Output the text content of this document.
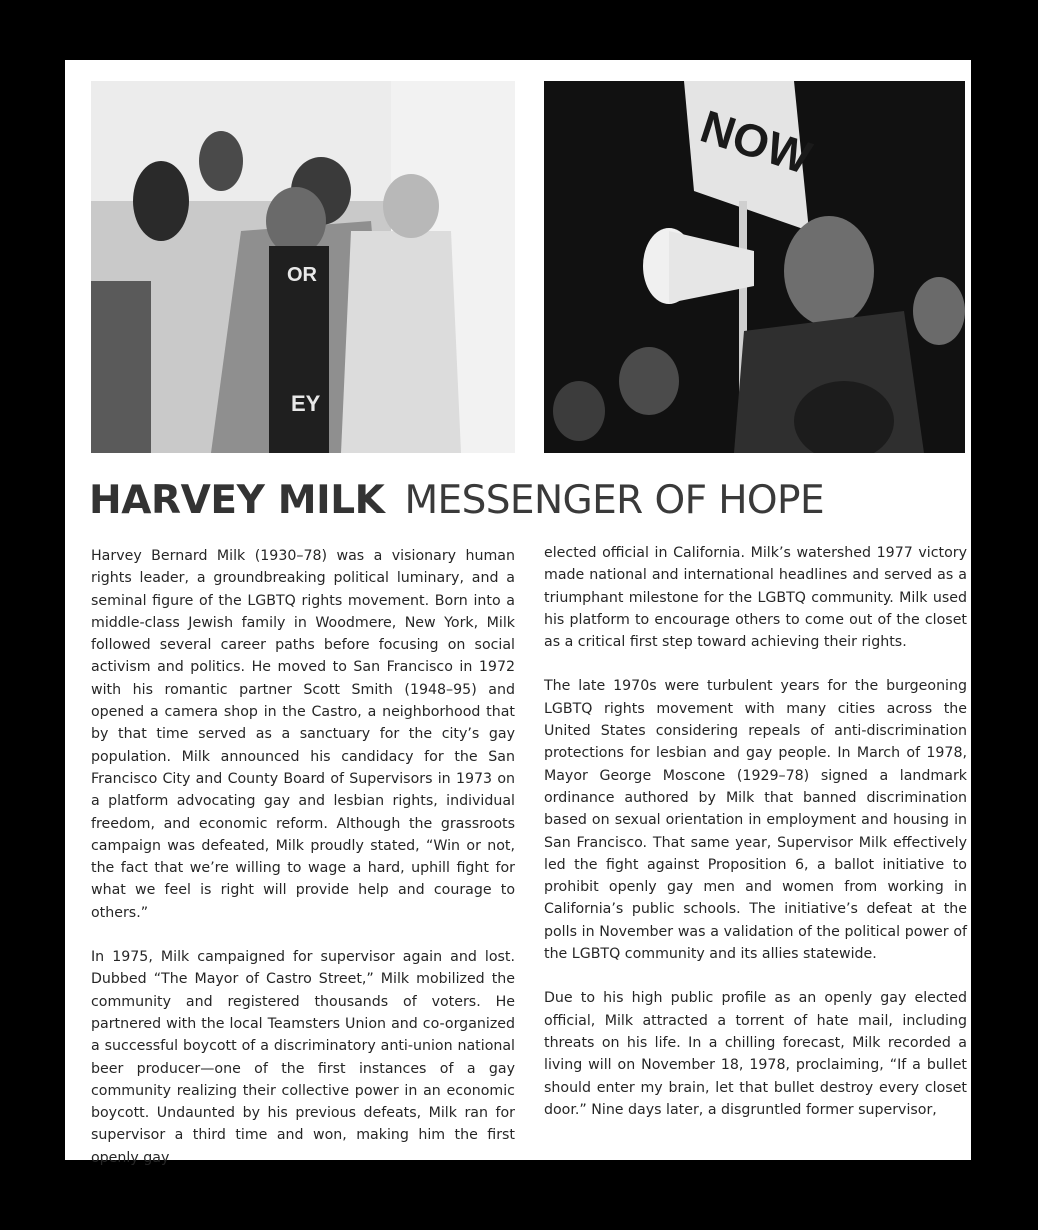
OR
EY
NOW
HARVEY MILK MESSENGER OF HOPE

Harvey Bernard Milk (1930–78) was a visionary human rights leader, a groundbreaking political luminary, and a seminal figure of the LGBTQ rights movement. Born into a middle-class Jewish family in Woodmere, New York, Milk followed several career paths before focusing on social activism and politics. He moved to San Francisco in 1972 with his romantic partner Scott Smith (1948–95) and opened a camera shop in the Castro, a neighborhood that by that time served as a sanctuary for the city’s gay population. Milk announced his candidacy for the San Francisco City and County Board of Supervisors in 1973 on a platform advocating gay and lesbian rights, individual freedom, and economic reform. Although the grassroots campaign was defeated, Milk proudly stated, “Win or not, the fact that we’re willing to wage a hard, uphill fight for what we feel is right will provide help and courage to others.”

In 1975, Milk campaigned for supervisor again and lost. Dubbed “The Mayor of Castro Street,” Milk mobilized the community and registered thousands of voters. He partnered with the local Teamsters Union and co-organized a successful boycott of a discriminatory anti-union national beer producer—one of the first instances of a gay community realizing their collective power in an economic boycott. Undaunted by his previous defeats, Milk ran for supervisor a third time and won, making him the first openly gay

elected official in California. Milk’s watershed 1977 victory made national and international headlines and served as a triumphant milestone for the LGBTQ community. Milk used his platform to encourage others to come out of the closet as a critical first step toward achieving their rights.

The late 1970s were turbulent years for the burgeoning LGBTQ rights movement with many cities across the United States considering repeals of anti-discrimination protections for lesbian and gay people. In March of 1978, Mayor George Moscone (1929–78) signed a landmark ordinance authored by Milk that banned discrimination based on sexual orientation in employment and housing in San Francisco. That same year, Supervisor Milk effectively led the fight against Proposition 6, a ballot initiative to prohibit openly gay men and women from working in California’s public schools. The initiative’s defeat at the polls in November was a validation of the political power of the LGBTQ community and its allies statewide.

Due to his high public profile as an openly gay elected official, Milk attracted a torrent of hate mail, including threats on his life. In a chilling forecast, Milk recorded a living will on November 18, 1978, proclaiming, “If a bullet should enter my brain, let that bullet destroy every closet door.” Nine days later, a disgruntled former supervisor,
